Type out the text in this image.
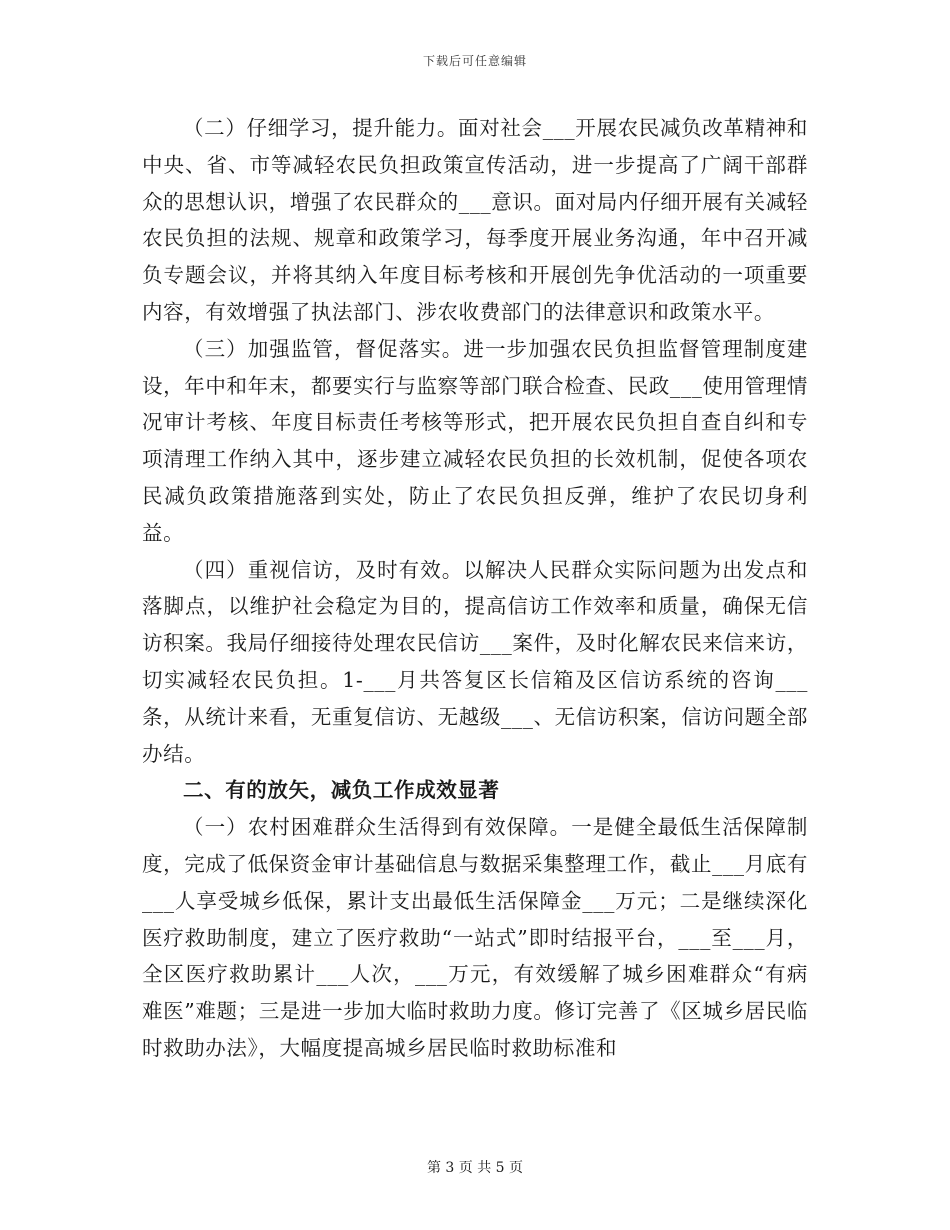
下载后可任意编辑

（二）仔细学习，提升能力。面对社会___开展农民减负改革精神和中央、省、市等减轻农民负担政策宣传活动，进一步提高了广阔干部群众的思想认识，增强了农民群众的___意识。面对局内仔细开展有关减轻农民负担的法规、规章和政策学习，每季度开展业务沟通，年中召开减负专题会议，并将其纳入年度目标考核和开展创先争优活动的一项重要内容，有效增强了执法部门、涉农收费部门的法律意识和政策水平。

（三）加强监管，督促落实。进一步加强农民负担监督管理制度建设，年中和年末，都要实行与监察等部门联合检查、民政___使用管理情况审计考核、年度目标责任考核等形式，把开展农民负担自查自纠和专项清理工作纳入其中，逐步建立减轻农民负担的长效机制，促使各项农民减负政策措施落到实处，防止了农民负担反弹，维护了农民切身利益。

（四）重视信访，及时有效。以解决人民群众实际问题为出发点和落脚点，以维护社会稳定为目的，提高信访工作效率和质量，确保无信访积案。我局仔细接待处理农民信访___案件，及时化解农民来信来访，切实减轻农民负担。1-___月共答复区长信箱及区信访系统的咨询___条，从统计来看，无重复信访、无越级___、无信访积案，信访问题全部办结。

二、有的放矢，减负工作成效显著

（一）农村困难群众生活得到有效保障。一是健全最低生活保障制度，完成了低保资金审计基础信息与数据采集整理工作，截止___月底有___人享受城乡低保，累计支出最低生活保障金___万元；二是继续深化医疗救助制度，建立了医疗救助“一站式”即时结报平台，___至___月，全区医疗救助累计___人次，___万元，有效缓解了城乡困难群众“有病难医”难题；三是进一步加大临时救助力度。修订完善了《区城乡居民临时救助办法》，大幅度提高城乡居民临时救助标准和

第 3 页 共 5 页
